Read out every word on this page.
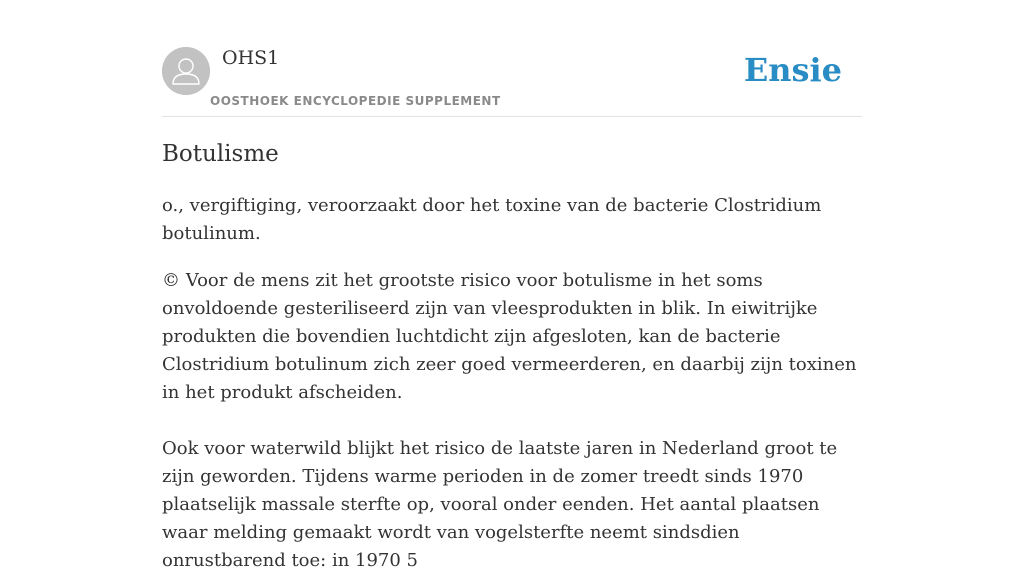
OHS1
OOSTHOEK ENCYCLOPEDIE SUPPLEMENT
Ensie
Botulisme

o., vergiftiging, veroorzaakt door het toxine van de bacterie Clostridium botulinum.

© Voor de mens zit het grootste risico voor botulisme in het soms onvoldoende gesteriliseerd zijn van vleesprodukten in blik. In eiwitrijke produkten die bovendien luchtdicht zijn afgesloten, kan de bacterie Clostridium botulinum zich zeer goed vermeerderen, en daarbij zijn toxinen in het produkt afscheiden.

Ook voor waterwild blijkt het risico de laatste jaren in Nederland groot te zijn geworden. Tijdens warme perioden in de zomer treedt sinds 1970 plaatselijk massale sterfte op, vooral onder eenden. Het aantal plaatsen waar melding gemaakt wordt van vogelsterfte neemt sindsdien onrustbarend toe: in 1970 5
